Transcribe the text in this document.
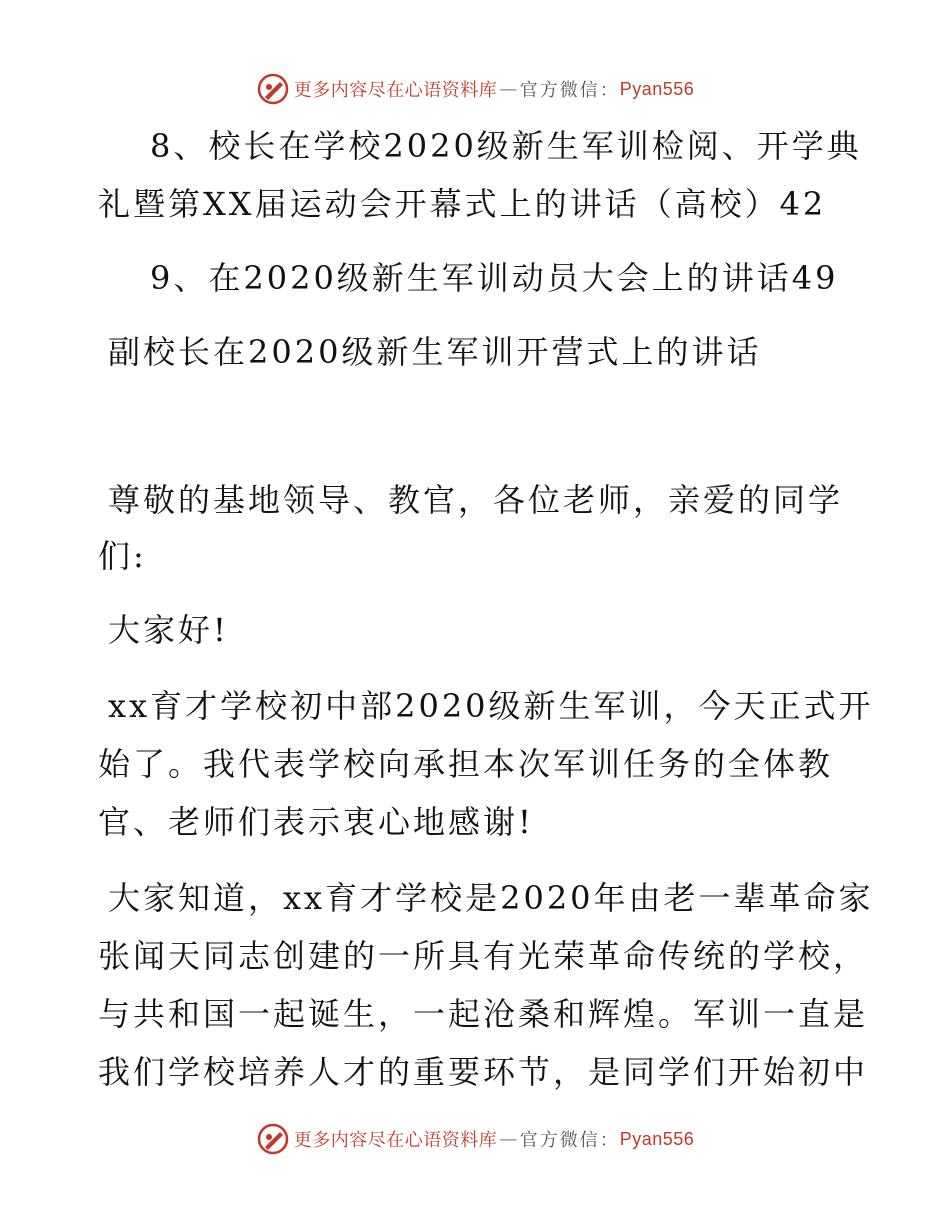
更多内容尽在心语资料库 — 官方微信： Pyan556
8、校长在学校2020级新生军训检阅、开学典
礼暨第XX届运动会开幕式上的讲话（高校）42
9、在2020级新生军训动员大会上的讲话49
副校长在2020级新生军训开营式上的讲话
尊敬的基地领导、教官，各位老师，亲爱的同学
们:
大家好!
xx育才学校初中部2020级新生军训，今天正式开
始了。我代表学校向承担本次军训任务的全体教
官、老师们表示衷心地感谢!
大家知道，xx育才学校是2020年由老一辈革命家
张闻天同志创建的一所具有光荣革命传统的学校，
与共和国一起诞生，一起沧桑和辉煌。军训一直是
我们学校培养人才的重要环节，是同学们开始初中
更多内容尽在心语资料库 — 官方微信： Pyan556
